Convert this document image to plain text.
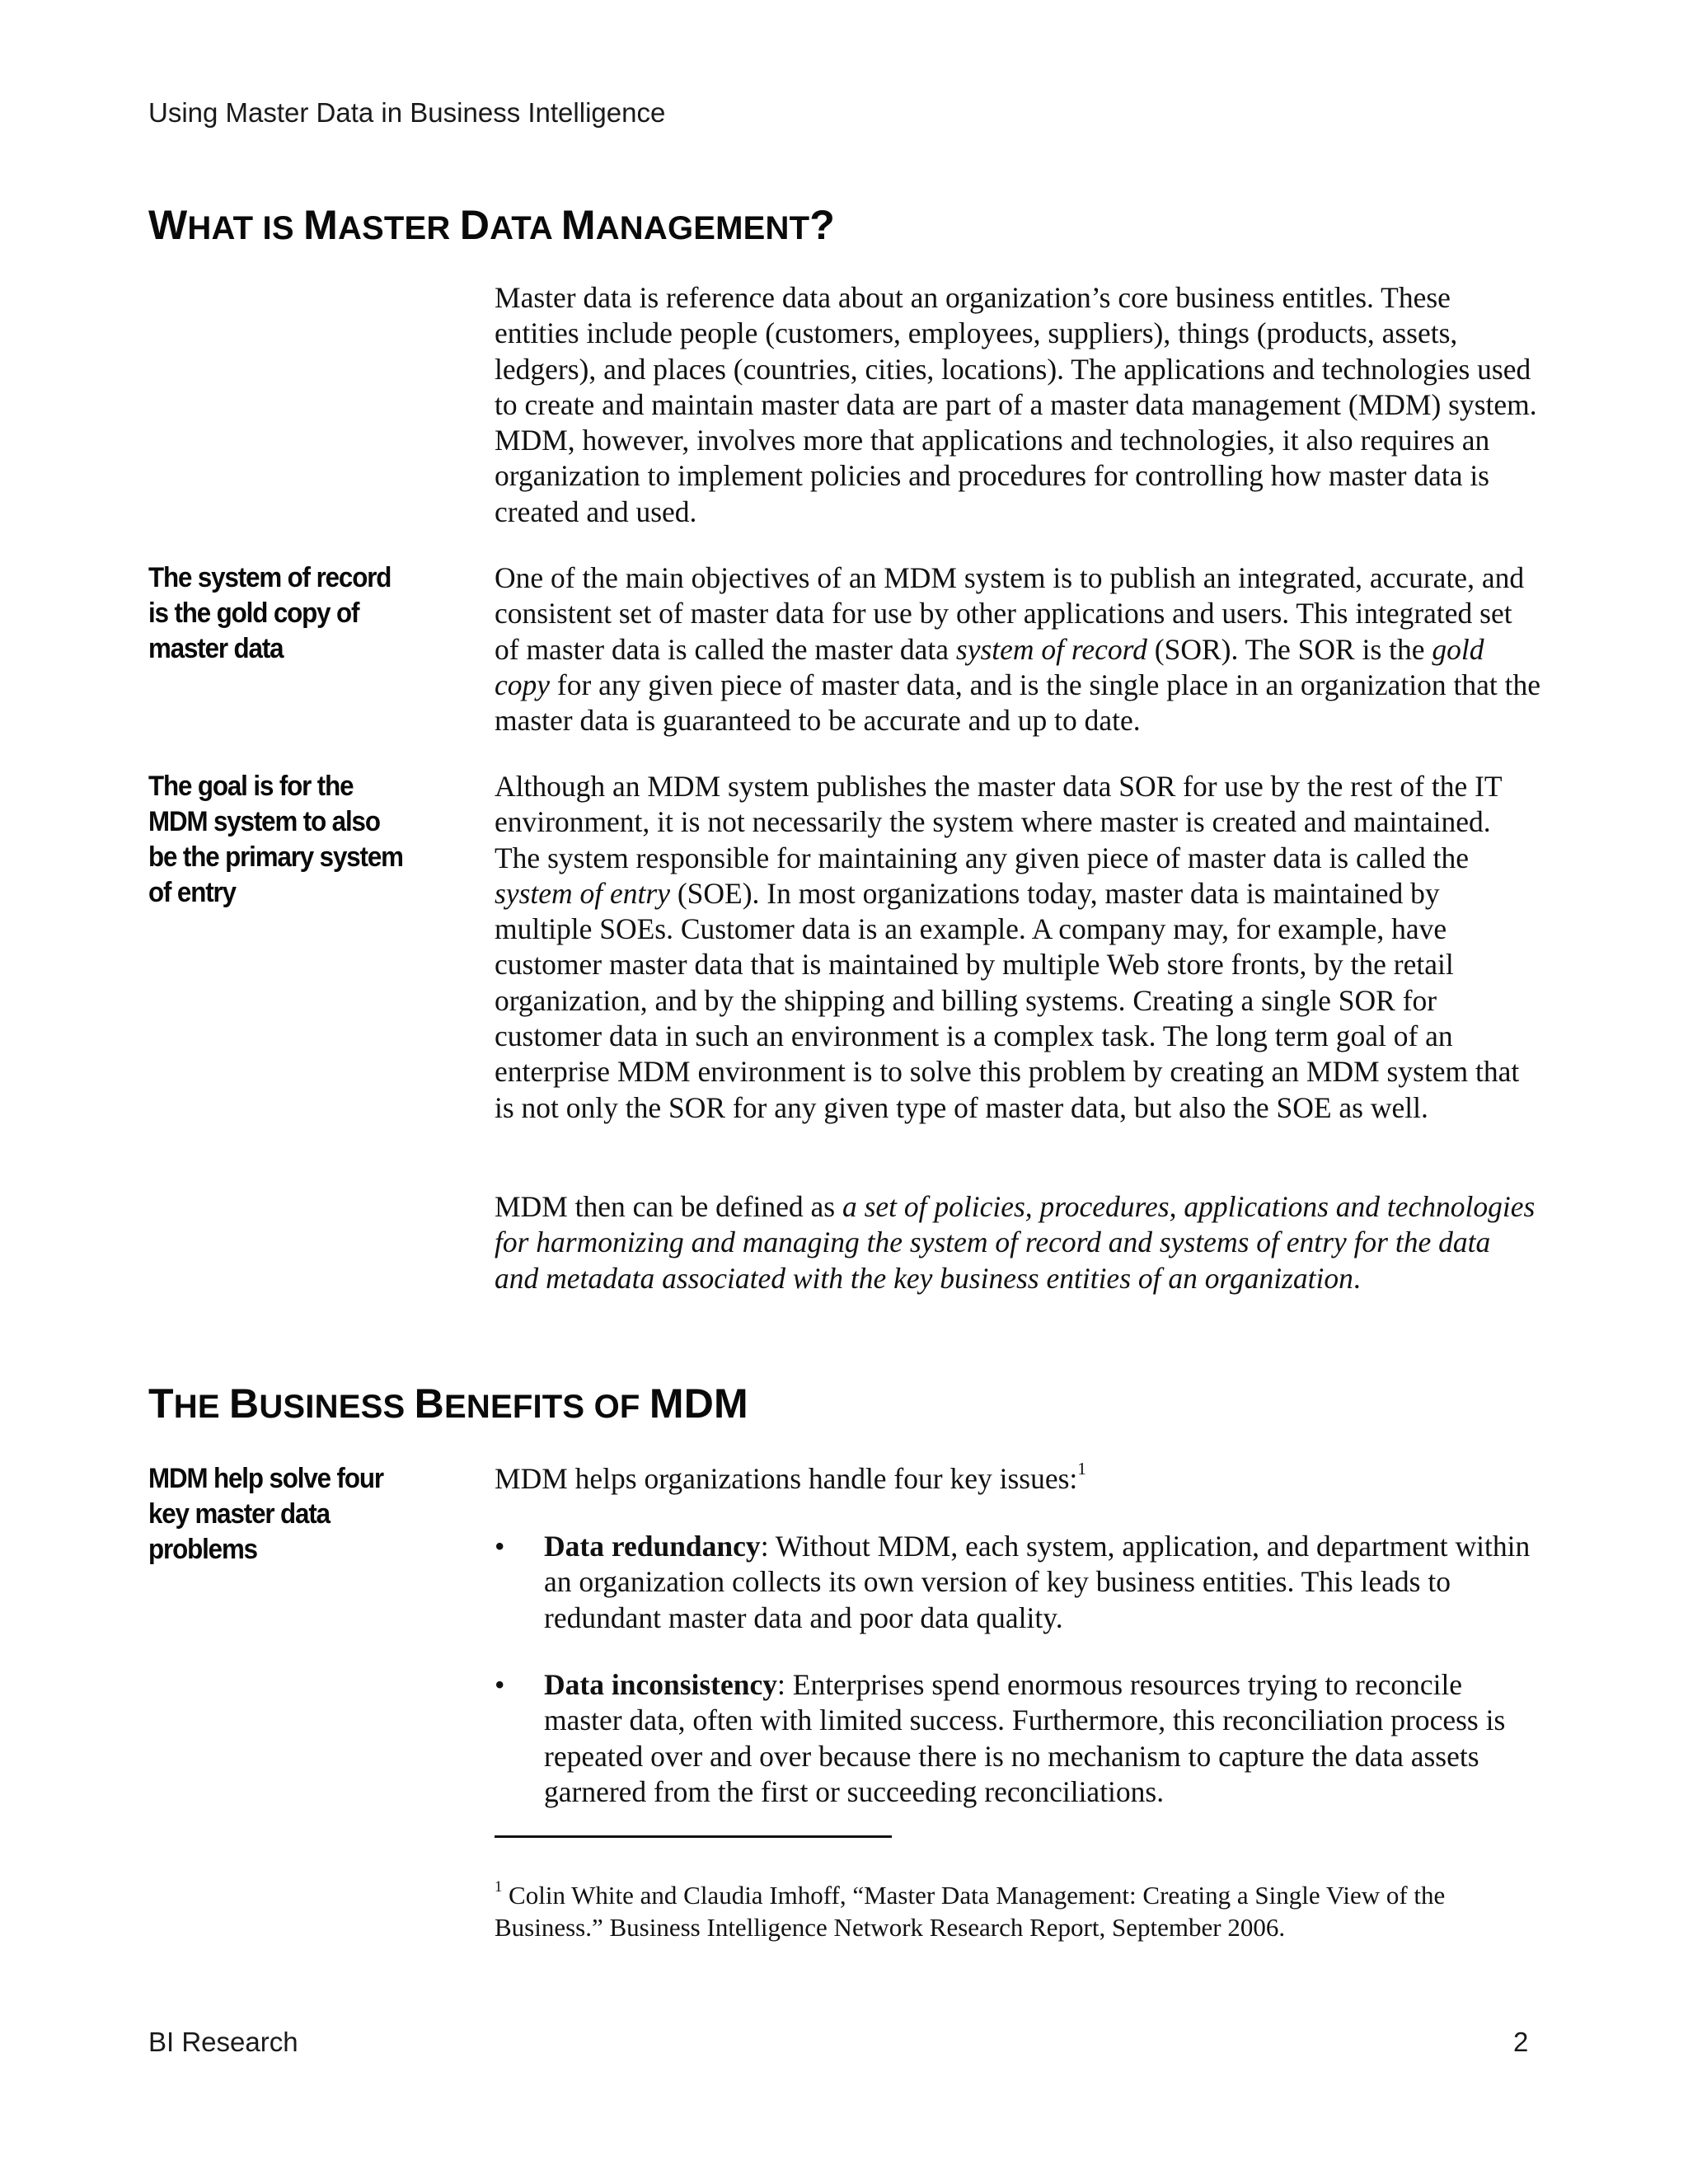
Using Master Data in Business Intelligence
WHAT IS MASTER DATA MANAGEMENT?

Master data is reference data about an organization’s core business entitles. These entities include people (customers, employees, suppliers), things (products, assets, ledgers), and places (countries, cities, locations). The applications and technologies used to create and maintain master data are part of a master data management (MDM) system. MDM, however, involves more that applications and technologies, it also requires an organization to implement policies and procedures for controlling how master data is created and used.

The system of record is the gold copy of master data

One of the main objectives of an MDM system is to publish an integrated, accurate, and consistent set of master data for use by other applications and users. This integrated set of master data is called the master data system of record (SOR). The SOR is the gold copy for any given piece of master data, and is the single place in an organization that the master data is guaranteed to be accurate and up to date.

The goal is for the MDM system to also be the primary system of entry

Although an MDM system publishes the master data SOR for use by the rest of the IT environment, it is not necessarily the system where master is created and maintained. The system responsible for maintaining any given piece of master data is called the system of entry (SOE). In most organizations today, master data is maintained by multiple SOEs. Customer data is an example. A company may, for example, have customer master data that is maintained by multiple Web store fronts, by the retail organization, and by the shipping and billing systems. Creating a single SOR for customer data in such an environment is a complex task. The long term goal of an enterprise MDM environment is to solve this problem by creating an MDM system that is not only the SOR for any given type of master data, but also the SOE as well.

MDM then can be defined as a set of policies, procedures, applications and technologies for harmonizing and managing the system of record and systems of entry for the data and metadata associated with the key business entities of an organization.

THE BUSINESS BENEFITS OF MDM
MDM help solve four key master data problems

MDM helps organizations handle four key issues:$^1$

• Data redundancy: Without MDM, each system, application, and department within an organization collects its own version of key business entities. This leads to redundant master data and poor data quality.
• Data inconsistency: Enterprises spend enormous resources trying to reconcile master data, often with limited success. Furthermore, this reconciliation process is repeated over and over because there is no mechanism to capture the data assets garnered from the first or succeeding reconciliations.
$^1$ Colin White and Claudia Imhoff, “Master Data Management: Creating a Single View of the Business.” Business Intelligence Network Research Report, September 2006.
BI Research	2
